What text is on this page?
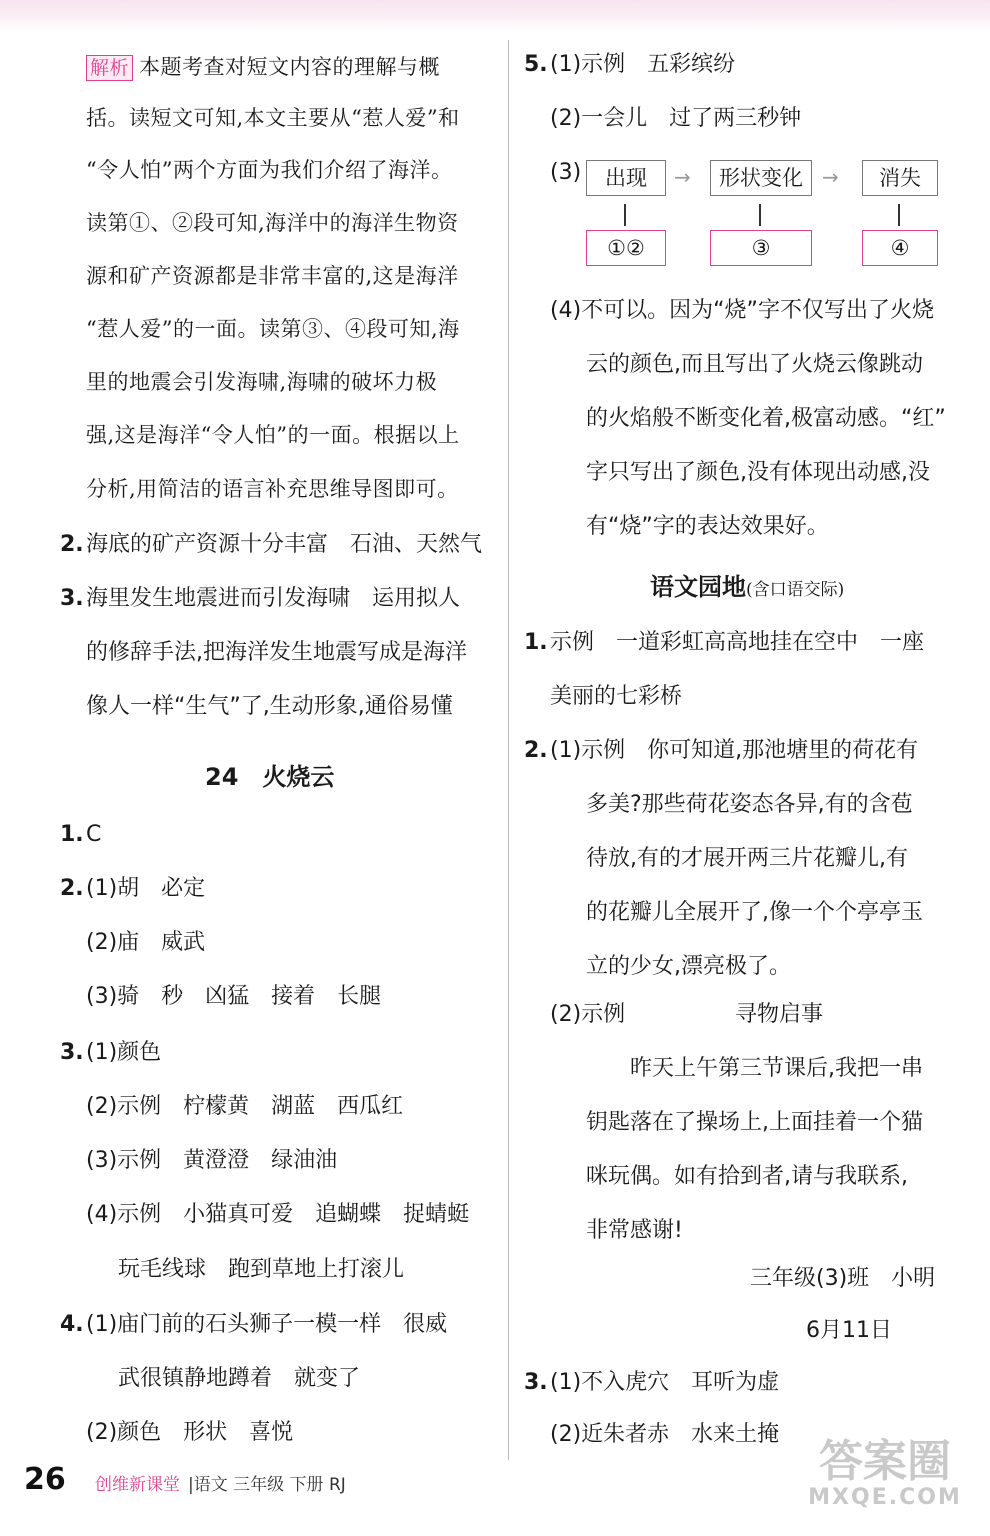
解析 本题考查对短文内容的理解与概
括。读短文可知,本文主要从“惹人爱”和
“令人怕”两个方面为我们介绍了海洋。
读第①、②段可知,海洋中的海洋生物资
源和矿产资源都是非常丰富的,这是海洋
“惹人爱”的一面。读第③、④段可知,海
里的地震会引发海啸,海啸的破坏力极
强,这是海洋“令人怕”的一面。根据以上
分析,用简洁的语言补充思维导图即可。
2. 海底的矿产资源十分丰富　石油、天然气
3. 海里发生地震进而引发海啸　运用拟人
的修辞手法,把海洋发生地震写成是海洋
像人一样“生气”了,生动形象,通俗易懂
24　火烧云
1. C
2. (1)胡　必定
(2)庙　威武
(3)骑　秒　凶猛　接着　长腿
3. (1)颜色
(2)示例　柠檬黄　湖蓝　西瓜红
(3)示例　黄澄澄　绿油油
(4)示例　小猫真可爱　追蝴蝶　捉蜻蜓
玩毛线球　跑到草地上打滚儿
4. (1)庙门前的石头狮子一模一样　很威
武很镇静地蹲着　就变了
(2)颜色　形状　喜悦
5. (1)示例　五彩缤纷
(2)一会儿　过了两三秒钟
(3)	出现	→	形状变化 →	消失
①②	③	④
(4)不可以。因为“烧”字不仅写出了火烧
云的颜色,而且写出了火烧云像跳动
的火焰般不断变化着,极富动感。“红”
字只写出了颜色,没有体现出动感,没
有“烧”字的表达效果好。
语文园地(含口语交际)
1. 示例　一道彩虹高高地挂在空中　一座
美丽的七彩桥
2. (1)示例　你可知道,那池塘里的荷花有
多美?那些荷花姿态各异,有的含苞
待放,有的才展开两三片花瓣儿,有
的花瓣儿全展开了,像一个个亭亭玉
立的少女,漂亮极了。
(2)示例	寻物启事
昨天上午第三节课后,我把一串
钥匙落在了操场上,上面挂着一个猫
咪玩偶。如有拾到者,请与我联系,
非常感谢!
三年级(3)班　小明
6月11日
3. (1)不入虎穴　耳听为虚
(2)近朱者赤　水来土掩
26 创维新课堂 |语文 三年级 下册 RJ	答案圈
MXQE.COM
